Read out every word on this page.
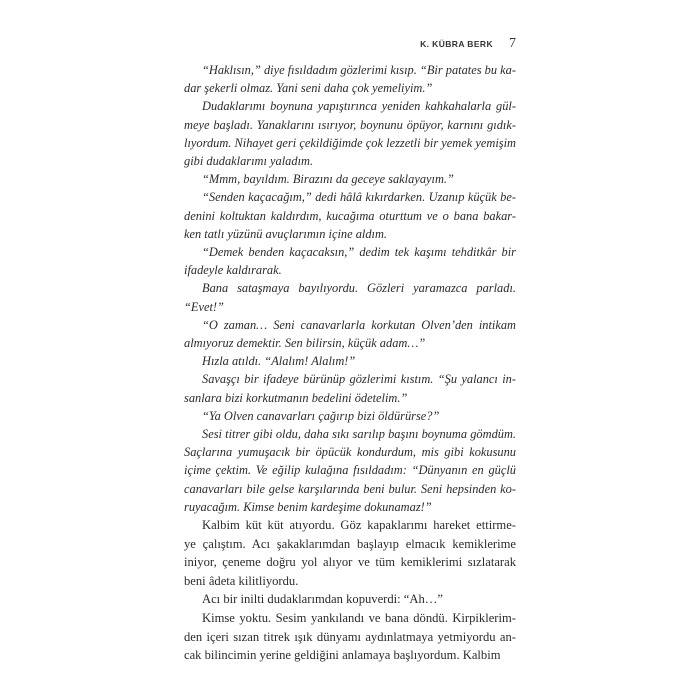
K. KÜBRA BERK 7
“Haklısın,” diye fısıldadım gözlerimi kısıp. “Bir patates bu ka-
dar şekerli olmaz. Yani seni daha çok yemeliyim.”
Dudaklarımı boynuna yapıştırınca yeniden kahkahalarla gül-
meye başladı. Yanaklarını ısırıyor, boynunu öpüyor, karnını gıdık-
lıyordum. Nihayet geri çekildiğimde çok lezzetli bir yemek yemişim
gibi dudaklarımı yaladım.
“Mmm, bayıldım. Birazını da geceye saklayayım.”
“Senden kaçacağım,” dedi hâlâ kıkırdarken. Uzanıp küçük be-
denini koltuktan kaldırdım, kucağıma oturttum ve o bana bakar-
ken tatlı yüzünü avuçlarımın içine aldım.
“Demek benden kaçacaksın,” dedim tek kaşımı tehditkâr bir
ifadeyle kaldırarak.
Bana sataşmaya bayılıyordu. Gözleri yaramazca parladı.
“Evet!”
“O zaman… Seni canavarlarla korkutan Olven’den intikam
almıyoruz demektir. Sen bilirsin, küçük adam…”
Hızla atıldı. “Alalım! Alalım!”
Savaşçı bir ifadeye bürünüp gözlerimi kıstım. “Şu yalancı in-
sanlara bizi korkutmanın bedelini ödetelim.”
“Ya Olven canavarları çağırıp bizi öldürürse?”
Sesi titrer gibi oldu, daha sıkı sarılıp başını boynuma gömdüm.
Saçlarına yumuşacık bir öpücük kondurdum, mis gibi kokusunu
içime çektim. Ve eğilip kulağına fısıldadım: “Dünyanın en güçlü
canavarları bile gelse karşılarında beni bulur. Seni hepsinden ko-
ruyacağım. Kimse benim kardeşime dokunamaz!”
Kalbim küt küt atıyordu. Göz kapaklarımı hareket ettirme-
ye çalıştım. Acı şakaklarımdan başlayıp elmacık kemiklerime
iniyor, çeneme doğru yol alıyor ve tüm kemiklerimi sızlatarak
beni âdeta kilitliyordu.
Acı bir inilti dudaklarımdan kopuverdi: “Ah…”
Kimse yoktu. Sesim yankılandı ve bana döndü. Kirpiklerim-
den içeri sızan titrek ışık dünyamı aydınlatmaya yetmiyordu an-
cak bilincimin yerine geldiğini anlamaya başlıyordum. Kalbim
